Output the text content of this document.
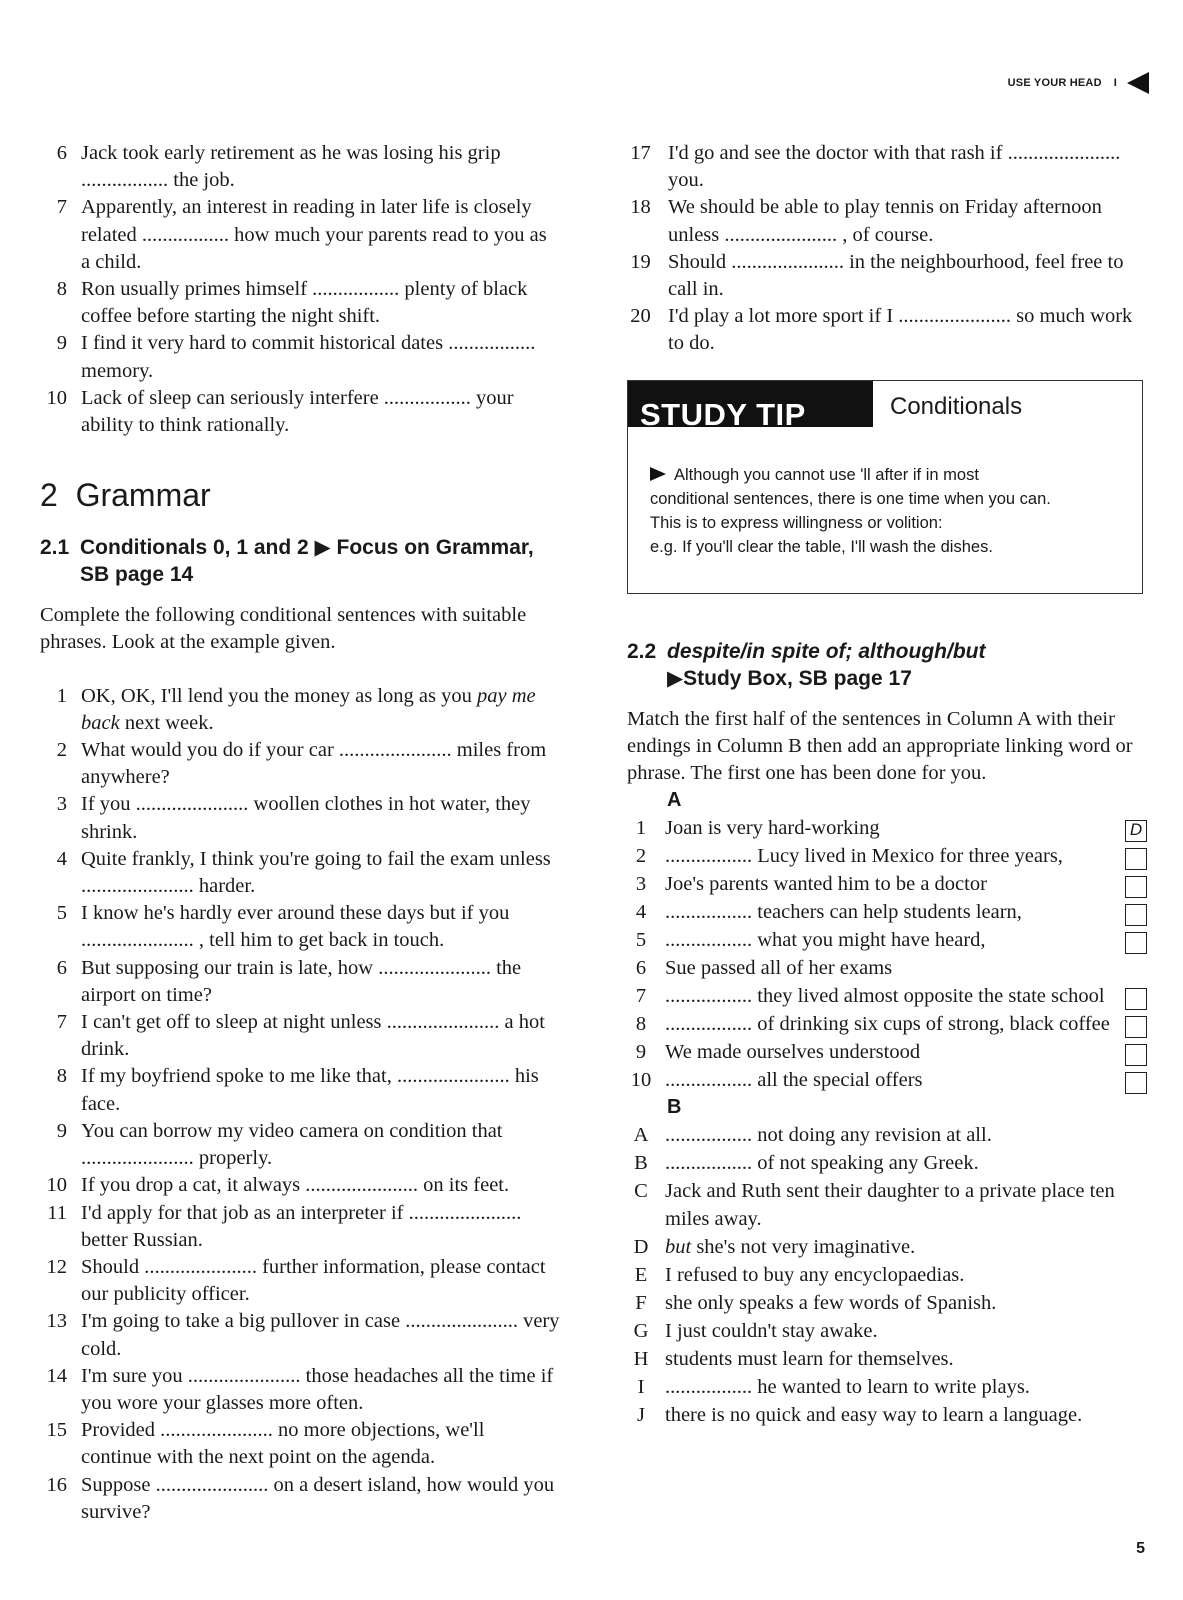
USE YOUR HEAD I
6 Jack took early retirement as he was losing his grip ................. the job.
7 Apparently, an interest in reading in later life is closely related ................. how much your parents read to you as a child.
8 Ron usually primes himself ................. plenty of black coffee before starting the night shift.
9 I find it very hard to commit historical dates ................. memory.
10 Lack of sleep can seriously interfere ................. your ability to think rationally.
2 Grammar
2.1 Conditionals 0, 1 and 2 ▶ Focus on Grammar, SB page 14
Complete the following conditional sentences with suitable phrases. Look at the example given.
1 OK, OK, I'll lend you the money as long as you pay me back next week.
2 What would you do if your car ...................... miles from anywhere?
3 If you ...................... woollen clothes in hot water, they shrink.
4 Quite frankly, I think you're going to fail the exam unless ...................... harder.
5 I know he's hardly ever around these days but if you ...................... , tell him to get back in touch.
6 But supposing our train is late, how ...................... the airport on time?
7 I can't get off to sleep at night unless ...................... a hot drink.
8 If my boyfriend spoke to me like that, ...................... his face.
9 You can borrow my video camera on condition that ...................... properly.
10 If you drop a cat, it always ...................... on its feet.
11 I'd apply for that job as an interpreter if ...................... better Russian.
12 Should ...................... further information, please contact our publicity officer.
13 I'm going to take a big pullover in case ...................... very cold.
14 I'm sure you ...................... those headaches all the time if you wore your glasses more often.
15 Provided ...................... no more objections, we'll continue with the next point on the agenda.
16 Suppose ...................... on a desert island, how would you survive?
17 I'd go and see the doctor with that rash if ...................... you.
18 We should be able to play tennis on Friday afternoon unless ...................... , of course.
19 Should ...................... in the neighbourhood, feel free to call in.
20 I'd play a lot more sport if I ...................... so much work to do.
STUDY TIP	Conditionals
Although you cannot use 'll after if in most
conditional sentences, there is one time when you can.
This is to express willingness or volition:
e.g. If you'll clear the table, I'll wash the dishes.
2.2 despite/in spite of; although/but
▶Study Box, SB page 17
Match the first half of the sentences in Column A with their endings in Column B then add an appropriate linking word or phrase. The first one has been done for you.
A
1 Joan is very hard-working	D
2 ................. Lucy lived in Mexico for three years,
3 Joe's parents wanted him to be a doctor
4 ................. teachers can help students learn,
5 ................. what you might have heard,
6 Sue passed all of her exams
7 ................. they lived almost opposite the state school
8 ................. of drinking six cups of strong, black coffee
9 We made ourselves understood
10 ................. all the special offers
B
A ................. not doing any revision at all.
B ................. of not speaking any Greek.
C Jack and Ruth sent their daughter to a private place ten miles away.
D but she's not very imaginative.
E I refused to buy any encyclopaedias.
F she only speaks a few words of Spanish.
G I just couldn't stay awake.
H students must learn for themselves.
I	................. he wanted to learn to write plays.
J there is no quick and easy way to learn a language.
5
